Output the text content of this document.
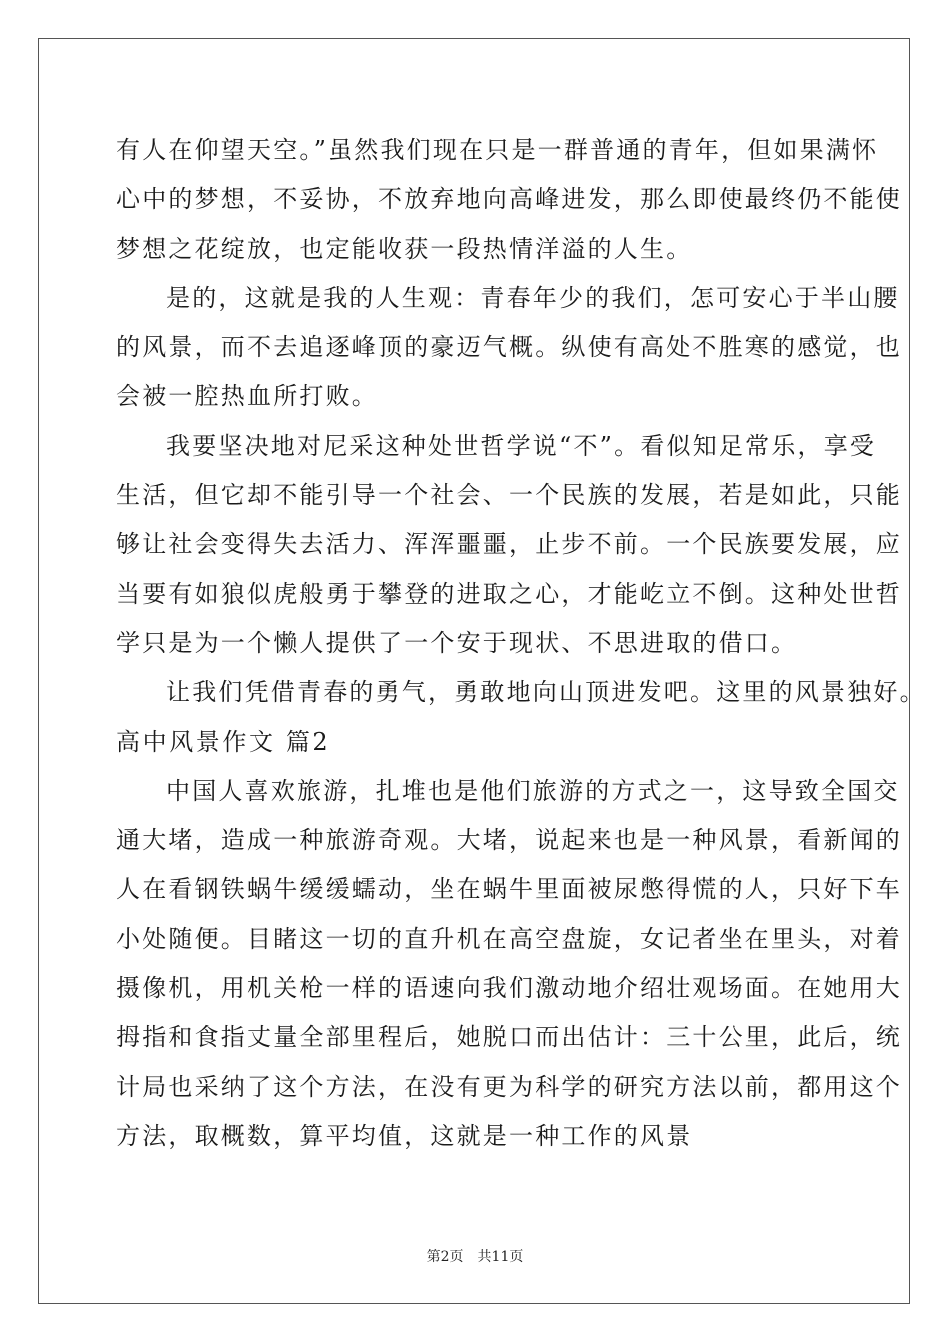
有人在仰望天空。”虽然我们现在只是一群普通的青年，但如果满怀
心中的梦想，不妥协，不放弃地向高峰进发，那么即使最终仍不能使
梦想之花绽放，也定能收获一段热情洋溢的人生。
是的，这就是我的人生观：青春年少的我们，怎可安心于半山腰
的风景，而不去追逐峰顶的豪迈气概。纵使有高处不胜寒的感觉，也
会被一腔热血所打败。
我要坚决地对尼采这种处世哲学说“不”。看似知足常乐，享受
生活，但它却不能引导一个社会、一个民族的发展，若是如此，只能
够让社会变得失去活力、浑浑噩噩，止步不前。一个民族要发展，应
当要有如狼似虎般勇于攀登的进取之心，才能屹立不倒。这种处世哲
学只是为一个懒人提供了一个安于现状、不思进取的借口。
让我们凭借青春的勇气，勇敢地向山顶进发吧。这里的风景独好。
高中风景作文 篇2
中国人喜欢旅游，扎堆也是他们旅游的方式之一，这导致全国交
通大堵，造成一种旅游奇观。大堵，说起来也是一种风景，看新闻的
人在看钢铁蜗牛缓缓蠕动，坐在蜗牛里面被尿憋得慌的人，只好下车
小处随便。目睹这一切的直升机在高空盘旋，女记者坐在里头，对着
摄像机，用机关枪一样的语速向我们激动地介绍壮观场面。在她用大
拇指和食指丈量全部里程后，她脱口而出估计：三十公里，此后，统
计局也采纳了这个方法，在没有更为科学的研究方法以前，都用这个
方法，取概数，算平均值，这就是一种工作的风景
第2页 共11页
